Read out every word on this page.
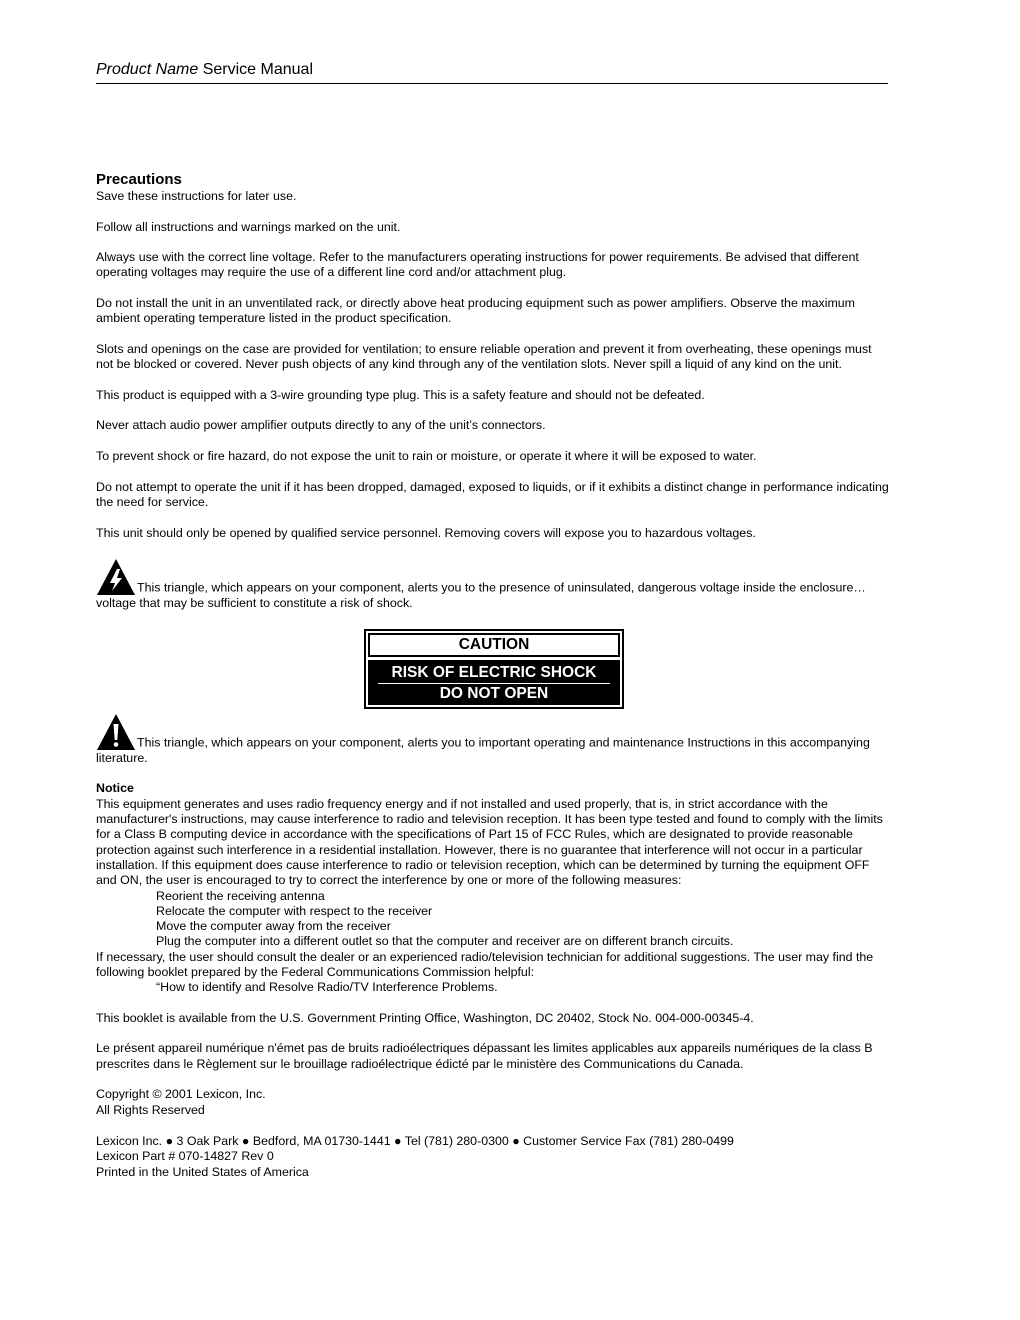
Product Name Service Manual
Precautions

Save these instructions for later use.

Follow all instructions and warnings marked on the unit.

Always use with the correct line voltage. Refer to the manufacturers operating instructions for power requirements. Be advised that different operating voltages may require the use of a different line cord and/or attachment plug.

Do not install the unit in an unventilated rack, or directly above heat producing equipment such as power amplifiers. Observe the maximum ambient operating temperature listed in the product specification.

Slots and openings on the case are provided for ventilation; to ensure reliable operation and prevent it from overheating, these openings must not be blocked or covered. Never push objects of any kind through any of the ventilation slots. Never spill a liquid of any kind on the unit.

This product is equipped with a 3-wire grounding type plug. This is a safety feature and should not be defeated.

Never attach audio power amplifier outputs directly to any of the unit’s connectors.

To prevent shock or fire hazard, do not expose the unit to rain or moisture, or operate it where it will be exposed to water.

Do not attempt to operate the unit if it has been dropped, damaged, exposed to liquids, or if it exhibits a distinct change in performance indicating the need for service.

This unit should only be opened by qualified service personnel. Removing covers will expose you to hazardous voltages.

This triangle, which appears on your component, alerts you to the presence of uninsulated, dangerous voltage inside the enclosure… voltage that may be sufficient to constitute a risk of shock.
CAUTION
RISK OF ELECTRIC SHOCK
DO NOT OPEN
This triangle, which appears on your component, alerts you to important operating and maintenance Instructions in this accompanying literature.
Notice
This equipment generates and uses radio frequency energy and if not installed and used properly, that is, in strict accordance with the manufacturer's instructions, may cause interference to radio and television reception. It has been type tested and found to comply with the limits for a Class B computing device in accordance with the specifications of Part 15 of FCC Rules, which are designated to provide reasonable protection against such interference in a residential installation. However, there is no guarantee that interference will not occur in a particular installation. If this equipment does cause interference to radio or television reception, which can be determined by turning the equipment OFF and ON, the user is encouraged to try to correct the interference by one or more of the following measures:
Reorient the receiving antenna
Relocate the computer with respect to the receiver
Move the computer away from the receiver
Plug the computer into a different outlet so that the computer and receiver are on different branch circuits.
If necessary, the user should consult the dealer or an experienced radio/television technician for additional suggestions. The user may find the following booklet prepared by the Federal Communications Commission helpful:

“How to identify and Resolve Radio/TV Interference Problems.

This booklet is available from the U.S. Government Printing Office, Washington, DC 20402, Stock No. 004-000-00345-4.

Le présent appareil numérique n'émet pas de bruits radioélectriques dépassant les limites applicables aux appareils numériques de la class B prescrites dans le Règlement sur le brouillage radioélectrique édicté par le ministère des Communications du Canada.

Copyright © 2001 Lexicon, Inc.
All Rights Reserved
Lexicon Inc. ● 3 Oak Park ● Bedford, MA 01730-1441 ● Tel (781) 280-0300 ● Customer Service Fax (781) 280-0499
Lexicon Part # 070-14827 Rev 0
Printed in the United States of America
